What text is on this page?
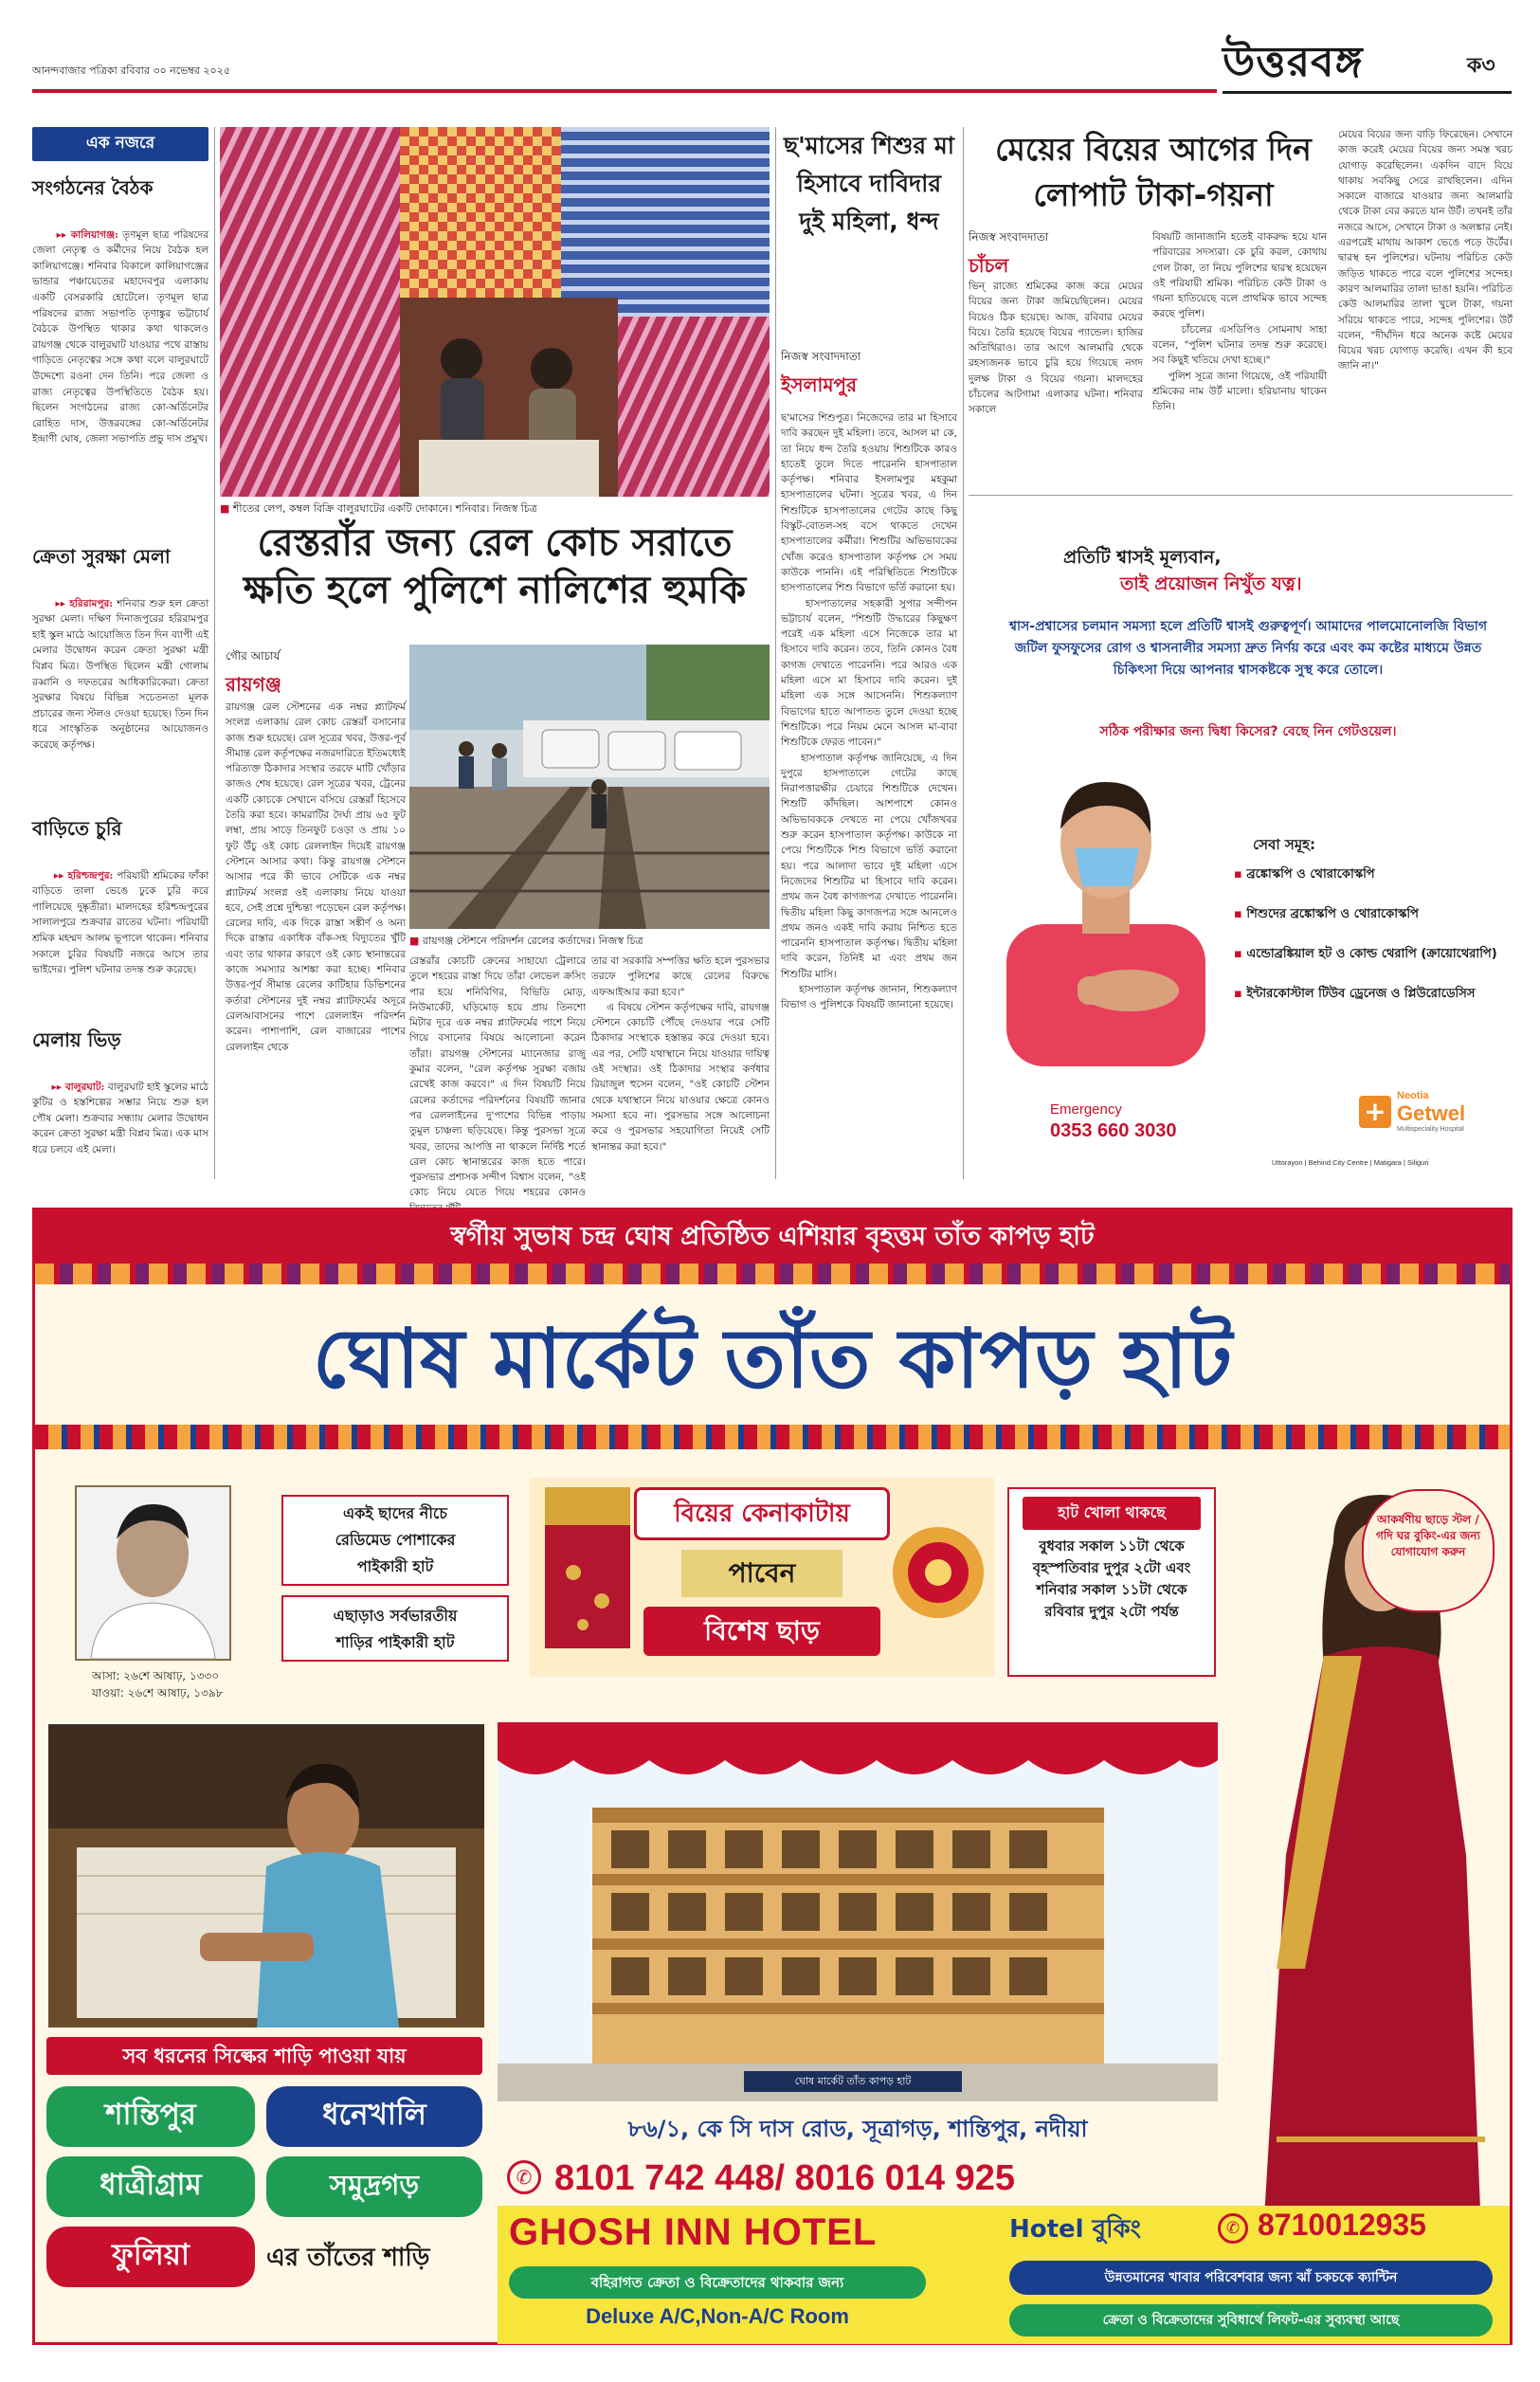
আনন্দবাজার পত্রিকা রবিবার ৩০ নভেম্বর ২০২৫	উত্তরবঙ্গ	ক৩
এক নজরে
সংগঠনের বৈঠক

▸▸ কালিয়াগঞ্জ: তৃণমূল ছাত্র পরিষদের জেলা নেতৃত্ব ও কর্মীদের নিয়ে বৈঠক হল কালিয়াগঞ্জে। শনিবার বিকালে কালিয়াগঞ্জের ভান্ডার পঞ্চায়েতের মহাদেবপুর এলাকায় একটি বেসরকারি হোটেলে। তৃণমূল ছাত্র পরিষদের রাজ্য সভাপতি তৃণাঙ্কুর ভট্টাচার্য বৈঠকে উপস্থিত থাকার কথা থাকলেও রায়গঞ্জ থেকে বালুরঘাট যাওয়ার পথে রাস্তায় গাড়িতে নেতৃত্বের সঙ্গে কথা বলে বালুরঘাটে উদ্দেশ্যে রওনা দেন তিনি। পরে জেলা ও রাজ্য নেতৃত্বের উপস্থিতিতে বৈঠক হয়। ছিলেন সংগঠনের রাজ্য কো-অর্ডিনেটর রোহিত দাস, উত্তরবঙ্গের কো-অর্ডিনেটর ইন্দ্রাণী ঘোষ, জেলা সভাপতি প্রভু দাস প্রমুখ।

ক্রেতা সুরক্ষা মেলা

▸▸ হরিরামপুর: শনিবার শুরু হল ক্রেতা সুরক্ষা মেলা। দক্ষিণ দিনাজপুরের হরিরামপুর হাই স্কুল মাঠে আয়োজিত তিন দিন ব্যাপী এই মেলার উদ্বোধন করেন ক্রেতা সুরক্ষা মন্ত্রী বিপ্লব মিত্র। উপস্থিত ছিলেন মন্ত্রী গোলাম রব্বানি ও দফতরের আধিকারিকেরা। ক্রেতা সুরক্ষার বিষয়ে বিভিন্ন সচেতনতা মূলক প্রচারের জন্য স্টলও দেওয়া হয়েছে। তিন দিন ধরে সাংস্কৃতিক অনুষ্ঠানের আয়োজনও করেছে কর্তৃপক্ষ।

বাড়িতে চুরি

▸▸ হরিশ্চন্দ্রপুর: পরিযায়ী শ্রমিকের ফাঁকা বাড়িতে তালা ভেঙে ঢুকে চুরি করে পালিয়েছে দুষ্কৃতীরা। মালদহের হরিশ্চন্দ্রপুরের সালালপুরে শুক্রবার রাতের ঘটনা। পরিযায়ী শ্রমিক মহম্মদ আলম ভূপালে থাকেন। শনিবার সকালে চুরির বিষয়টি নজরে আসে তার ভাইদের। পুলিশ ঘটনার তদন্ত শুরু করেছে।

মেলায় ভিড়

▸▸ বালুরঘাট: বালুরঘাট হাই স্কুলের মাঠে কুটির ও হস্তশিল্পের সম্ভার নিয়ে শুরু হল পৌষ মেলা। শুক্রবার সন্ধ্যায় মেলার উদ্বোধন করেন ক্রেতা সুরক্ষা মন্ত্রী বিপ্লব মিত্র। এক মাস ধরে চলবে এই মেলা।

■ শীতের লেপ, কম্বল বিক্রি বালুরঘাটের একটি দোকানে। শনিবার। নিজস্ব চিত্র
রেস্তরাঁর জন্য রেল কোচ সরাতে
ক্ষতি হলে পুলিশে নালিশের হুমকি
গৌর আচার্য
রায়গঞ্জ
■ রায়গঞ্জ স্টেশনে পরিদর্শন রেলের কর্তাদের। নিজস্ব চিত্র
রায়গঞ্জ রেল স্টেশনের এক নম্বর প্ল্যাটফর্ম সংলগ্ন এলাকায় রেল কোচ রেস্তরাঁ বসানোর কাজ শুরু হয়েছে। রেল সূত্রের খবর, উত্তর-পূর্ব সীমান্ত রেল কর্তৃপক্ষের নজরদারিতে ইতিমধ্যেই পরিত্যক্ত ঠিকাদার সংস্থার তরফে মাটি খোঁড়ার কাজও শেষ হয়েছে। রেল সূত্রের খবর, ট্রেনের একটি কোচকে সেখানে বসিয়ে রেস্তরাঁ হিসেবে তৈরি করা হবে। কামরাটির দৈর্ঘ্য প্রায় ৬৫ ফুট লম্বা, প্রায় সাড়ে তিনফুট চওড়া ও প্রায় ১০ ফুট উঁচু ওই কোচ রেললাইন দিয়েই রায়গঞ্জ স্টেশনে আসার কথা। কিন্তু রায়গঞ্জ স্টেশনে আসার পরে কী ভাবে সেটিকে এক নম্বর প্ল্যাটফর্ম সংলগ্ন ওই এলাকায় নিয়ে যাওয়া হবে, সেই প্রশ্নে দুশ্চিন্তা পড়েছেন রেল কর্তৃপক্ষ। রেলের দাবি, এক দিকে রাস্তা সঙ্কীর্ণ ও অন্য দিকে রাস্তার একাধিক বাঁক-সহ বিদ্যুতের খুঁটি এবং তার থাকার কারণে ওই কোচ স্থানান্তরের কাজে সমস্যার আশঙ্কা করা হচ্ছে। শনিবার উত্তর-পূর্ব সীমান্ত রেলের কাটিহার ডিভিশনের কর্তারা স্টেশনের দুই নম্বর প্ল্যাটফর্মের অদূরে রেলআবাসনের পাশে রেললাইন পরিদর্শন করেন। পাশাপাশি, রেল বাজারের পাশের রেললাইন থেকে
রেস্তরাঁর কোচটি ক্রেনের সাহায্যে ট্রেলারে তুলে শহরের রাস্তা দিয়ে তাঁরা লেভেল ক্রসিং পার হয়ে শনিবিগির, বিভিডি মোড়, নিউমার্কেট, ঘড়িমোড় হয়ে প্রায় তিনশো মিটার দূরে এক নম্বর প্ল্যাটফর্মের পাশে নিয়ে গিয়ে বসানোর বিষয়ে আলোচনা করেন তাঁরা। রায়গঞ্জ স্টেশনের ম্যানেজার রাজু কুমার বলেন, "রেল কর্তৃপক্ষ সুরক্ষা বজায় রেখেই কাজ করবে।" এ দিন বিষয়টি নিয়ে রেলের কর্তাদের পরিদর্শনের বিষয়টি জানার পর রেললাইনের দু'পাশের বিভিন্ন পাড়ায় তুমুল চাঞ্চল্য ছড়িয়েছে। কিন্তু পুরসভা সূত্রে খবর, তাদের আপত্তি না থাকলে নির্দিষ্ট শর্তে রেল কোচ স্থানান্তরের কাজ হতে পারে। পুরসভার প্রশাসক সন্দীপ বিশ্বাস বলেন, "ওই কোচ নিয়ে যেতে গিয়ে শহরের কোনও
তার বা সরকারি সম্পত্তির ক্ষতি হলে পুরসভার তরফে পুলিশের কাছে রেলের বিরুদ্ধে এফআইআর করা হবে।"
এ বিষয়ে স্টেশন কর্তৃপক্ষের দাবি, রায়গঞ্জ স্টেশনে কোচটি পৌঁছে দেওয়ার পরে সেটি ঠিকাদার সংস্থাকে হস্তান্তর করে দেওয়া হবে। এর পর, সেটি যথাস্থানে নিয়ে যাওয়ার দায়িত্ব ওই সংস্থার। ওই ঠিকাদার সংস্থার কর্ণধার রিয়াজুল হুসেন বলেন, "ওই কোচটি স্টেশন থেকে যথাস্থানে নিয়ে যাওয়ার ক্ষেত্রে কোনও সমস্যা হবে না। পুরসভার সঙ্গে আলোচনা করে ও পুরসভার সহযোগিতা নিয়েই সেটি স্থানান্তর করা হবে।"
ছ'মাসের শিশুর মা হিসাবে দাবিদার দুই মহিলা, ধন্দ
নিজস্ব সংবাদদাতা
ইসলামপুর
ছ'মাসের শিশুপুত্র। নিজেদের তার মা হিসাবে দাবি করছেন দুই মহিলা। তবে, আসল মা কে, তা নিয়ে ধন্দ তৈরি হওয়ায় শিশুটিকে কারও হাতেই তুলে দিতে পারেননি হাসপাতাল কর্তৃপক্ষ। শনিবার ইসলামপুর মহকুমা হাসপাতালের ঘটনা। সূত্রের খবর, এ দিন শিশুটিকে হাসপাতালের গেটের কাছে কিছু বিস্কুট-বোতল-সহ বসে থাকতে দেখেন হাসপাতালের কর্মীরা। শিশুটির অভিভাবকের খোঁজ করেও হাসপাতাল কর্তৃপক্ষ সে সময় কাউকে পাননি। এই পরিস্থিতিতে শিশুটিকে হাসপাতালের শিশু বিভাগে ভর্তি করানো হয়।
হাসপাতালের সহকারী সুপার সন্দীপন ভট্টাচার্য বলেন, "শিশুটি উদ্ধারের কিছুক্ষণ পরেই এক মহিলা এসে নিজেকে তার মা হিসাবে দাবি করেন। তবে, তিনি কোনও বৈধ কাগজ দেখাতে পারেননি। পরে আরও এক মহিলা এসে মা হিসাবে দাবি করেন। দুই মহিলা এক সঙ্গে আসেননি। শিশুকল্যাণ বিভাগের হাতে আপাতত তুলে দেওয়া হচ্ছে শিশুটিকে। পরে নিয়ম মেনে আসল মা-বাবা শিশুটিকে ফেরত পাবেন।"
হাসপাতাল কর্তৃপক্ষ জানিয়েছে, এ দিন দুপুরে হাসপাতালে গেটের কাছে নিরাপত্তারক্ষীর চেয়ারে শিশুটিকে দেখেন। শিশুটি কাঁদছিল। আশপাশে কোনও অভিভাবককে দেখতে না পেয়ে খোঁজখবর শুরু করেন হাসপাতাল কর্তৃপক্ষ। কাউকে না পেয়ে শিশুটিকে শিশু বিভাগে ভর্তি করানো হয়। পরে আলাদা ভাবে দুই মহিলা এসে নিজেদের শিশুটির মা হিসাবে দাবি করেন। প্রথম জন বৈধ কাগজপত্র দেখাতে পারেননি। দ্বিতীয় মহিলা কিছু কাগজপত্র সঙ্গে আনলেও প্রথম জনও একই দাবি করায় নিশ্চিত হতে পারেননি হাসপাতাল কর্তৃপক্ষ। দ্বিতীয় মহিলা দাবি করেন, তিনিই মা এবং প্রথম জন শিশুটির মাসি।
হাসপাতাল কর্তৃপক্ষ জানান, শিশুকল্যাণ বিভাগ ও পুলিশকে বিষয়টি জানানো হয়েছে।
মেয়ের বিয়ের আগের দিন লোপাট টাকা-গয়না
নিজস্ব সংবাদদাতা
চাঁচল
ভিন্ রাজ্যে শ্রমিকের কাজ করে মেয়ের বিয়ের জন্য টাকা জমিয়েছিলেন। মেয়ের বিয়েও ঠিক হয়েছে। আজ, রবিবার মেয়ের বিয়ে। তৈরি হয়েছে বিয়ের প্যান্ডেল। হাজির অতিথিরাও। তার আগে আলমারি থেকে রহস্যজনক ভাবে চুরি হয়ে গিয়েছে নগদ দুলক্ষ টাকা ও বিয়ের গয়না। মালদহের চাঁচলের আটগামা এলাকার ঘটনা। শনিবার সকালে
বিষয়টি জানাজানি হতেই বাকরুদ্ধ হয়ে যান পরিবারের সদস্যরা। কে চুরি করল, কোথায় গেল টাকা, তা নিয়ে পুলিশের দ্বারস্থ হয়েছেন ওই পরিযায়ী শ্রমিক। পরিচিত কেউ টাকা ও গয়না হাতিয়েছে বলে প্রাথমিক ভাবে সন্দেহ করছে পুলিশ।
চাঁচলের এসডিপিও সোমনাথ সাহা বলেন, "পুলিশ ঘটনার তদন্ত শুরু করেছে। সব কিছুই খতিয়ে দেখা হচ্ছে।"
পুলিশ সূত্রে জানা গিয়েছে, ওই পরিযায়ী শ্রমিকের নাম উর্ট মালো। হরিয়ানায় থাকেন তিনি।
মেয়ের বিয়ের জন্য বাড়ি ফিরেছেন। সেখানে কাজ করেই মেয়ের বিয়ের জন্য সমস্ত খরচ যোগাড় করেছিলেন। একদিন বাদে বিয়ে থাকায় সবকিছু সেরে রাখছিলেন। এদিন সকালে বাজারে যাওয়ার জন্য আলমারি থেকে টাকা বের করতে যান উর্ট। তখনই তাঁর নজরে আসে, সেখানে টাকা ও অলঙ্কার নেই। এরপরেই মাথায় আকাশ ভেঙে পড়ে উর্টের। দ্বারস্থ হন পুলিশের। ঘটনায় পরিচিত কেউ জড়িত থাকতে পারে বলে পুলিশের সন্দেহ। কারণ আলমারির তালা ভাঙা হয়নি। পরিচিত কেউ আলমারির তালা খুলে টাকা, গয়না সরিয়ে থাকতে পারে, সন্দেহ পুলিশের। উর্ট বলেন, "দীর্ঘদিন ধরে অনেক কষ্টে মেয়ের বিয়ের খরচ যোগাড় করেছি। এখন কী হবে জানি না।"
প্রতিটি শ্বাসই মূল্যবান,
তাই প্রয়োজন নিখুঁত যত্ন।
শ্বাস-প্রশ্বাসের চলমান সমস্যা হলে প্রতিটি শ্বাসই গুরুত্বপূর্ণ। আমাদের পালমোনোলজি বিভাগ জটিল ফুসফুসের রোগ ও শ্বাসনালীর সমস্যা দ্রুত নির্ণয় করে এবং কম কষ্টের মাধ্যমে উন্নত চিকিৎসা দিয়ে আপনার শ্বাসকষ্টকে সুস্থ করে তোলে।
সঠিক পরীক্ষার জন্য দ্বিধা কিসের? বেছে নিন গেটওয়েল।
সেবা সমূহ:
▪ ব্রঙ্কোস্কপি ও থোরাকোস্কপি
▪ শিশুদের ব্রঙ্কোস্কপি ও থোরাকোস্কপি
▪ এন্ডোব্রঙ্কিয়াল হট ও কোল্ড থেরাপি (ক্রায়োথেরাপি)
▪ ইন্টারকোস্টাল টিউব ড্রেনেজ ও প্লিউরোডেসিস
Emergency
0353 660 3030
+	Neotia
Getwel
Multispeciality Hospital
Uttorayon | Behind City Centre | Matigara | Siliguri
স্বর্গীয় সুভাষ চন্দ্র ঘোষ প্রতিষ্ঠিত এশিয়ার বৃহত্তম তাঁত কাপড় হাট
ঘোষ মার্কেট তাঁত কাপড় হাট
আসা: ২৬শে আষাঢ়, ১৩৩০
যাওয়া: ২৬শে আষাঢ়, ১৩৯৮
একই ছাদের নীচে
রেডিমেড পোশাকের
পাইকারী হাট
এছাড়াও সর্বভারতীয়
শাড়ির পাইকারী হাট
বিয়ের কেনাকাটায়
পাবেন
বিশেষ ছাড়
হাট খোলা থাকছে
বুধবার সকাল ১১টা থেকে বৃহস্পতিবার দুপুর ২টো এবং শনিবার সকাল ১১টা থেকে রবিবার দুপুর ২টো পর্যন্ত
আকর্ষণীয় ছাড়ে স্টল / গদি ঘর বুকিং-এর জন্য যোগাযোগ করুন
ঘোষ মার্কেট তাঁত কাপড় হাট
সব ধরনের সিল্কের শাড়ি পাওয়া যায়
শান্তিপুর	ধনেখালি
ধাত্রীগ্রাম	সমুদ্রগড়
ফুলিয়া	এর তাঁতের শাড়ি
৮৬/১, কে সি দাস রোড, সূত্রাগড়, শান্তিপুর, নদীয়া
✆ 8101 742 448/ 8016 014 925
GHOSH INN HOTEL
বহিরাগত ক্রেতা ও বিক্রেতাদের থাকবার জন্য
Deluxe A/C,Non-A/C Room
Hotel বুকিং	✆ 8710012935
উন্নতমানের খাবার পরিবেশবার জন্য ঝাঁ চকচকে ক্যান্টিন
ক্রেতা ও বিক্রেতাদের সুবিধার্থে লিফট-এর সুব্যবস্থা আছে
